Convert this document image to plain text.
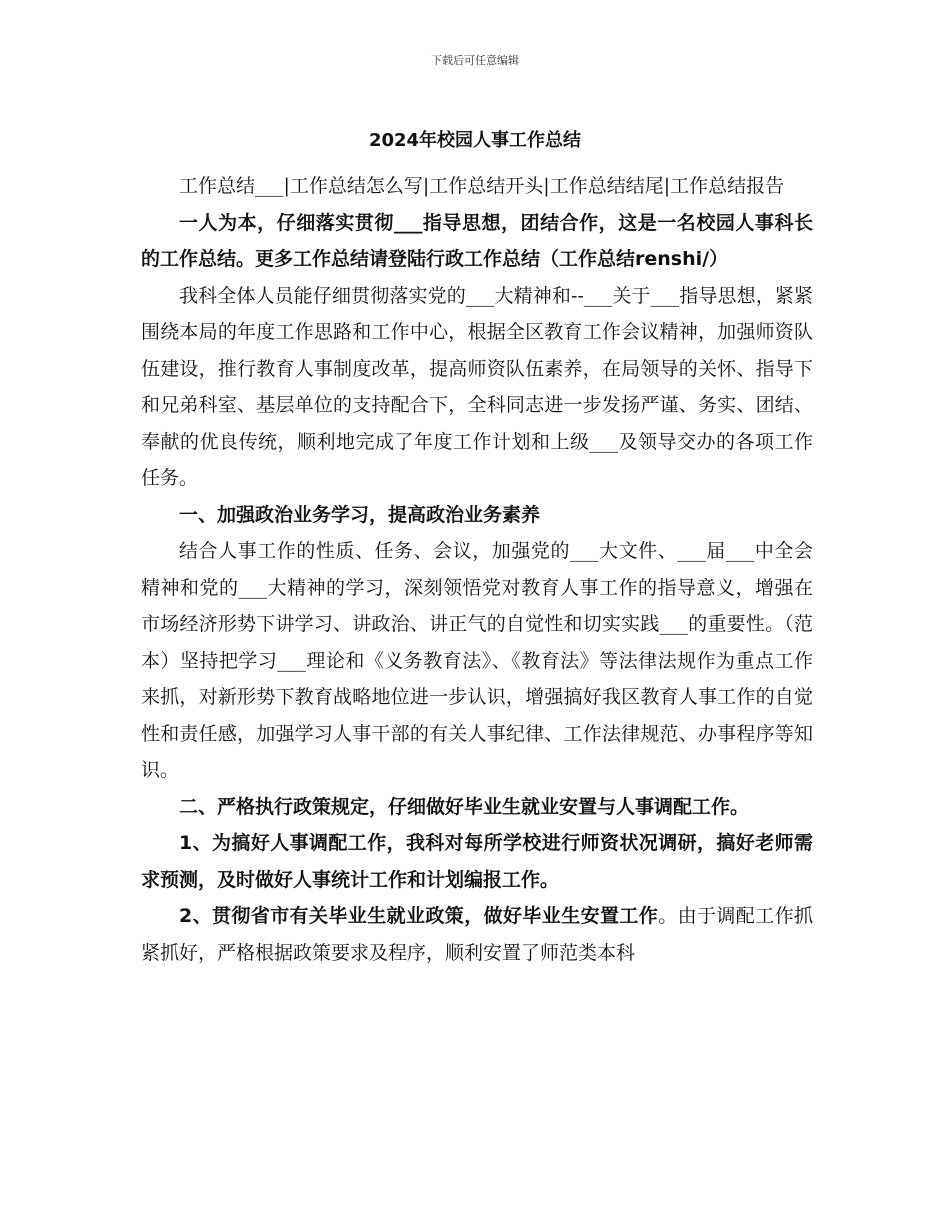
下载后可任意编辑
2024年校园人事工作总结

工作总结___|工作总结怎么写|工作总结开头|工作总结结尾|工作总结报告

一人为本，仔细落实贯彻___指导思想，团结合作，这是一名校园人事科长的工作总结。更多工作总结请登陆行政工作总结（工作总结renshi/）

我科全体人员能仔细贯彻落实党的___大精神和--___关于___指导思想，紧紧围绕本局的年度工作思路和工作中心，根据全区教育工作会议精神，加强师资队伍建设，推行教育人事制度改革，提高师资队伍素养，在局领导的关怀、指导下和兄弟科室、基层单位的支持配合下，全科同志进一步发扬严谨、务实、团结、奉献的优良传统，顺利地完成了年度工作计划和上级___及领导交办的各项工作任务。

一、加强政治业务学习，提高政治业务素养

结合人事工作的性质、任务、会议，加强党的___大文件、___届___中全会精神和党的___大精神的学习，深刻领悟党对教育人事工作的指导意义，增强在市场经济形势下讲学习、讲政治、讲正气的自觉性和切实实践___的重要性。（范本）坚持把学习___理论和《义务教育法》、《教育法》等法律法规作为重点工作来抓，对新形势下教育战略地位进一步认识，增强搞好我区教育人事工作的自觉性和责任感，加强学习人事干部的有关人事纪律、工作法律规范、办事程序等知识。

二、严格执行政策规定，仔细做好毕业生就业安置与人事调配工作。

1、为搞好人事调配工作，我科对每所学校进行师资状况调研，搞好老师需求预测，及时做好人事统计工作和计划编报工作。

2、贯彻省市有关毕业生就业政策，做好毕业生安置工作。由于调配工作抓紧抓好，严格根据政策要求及程序，顺利安置了师范类本科
